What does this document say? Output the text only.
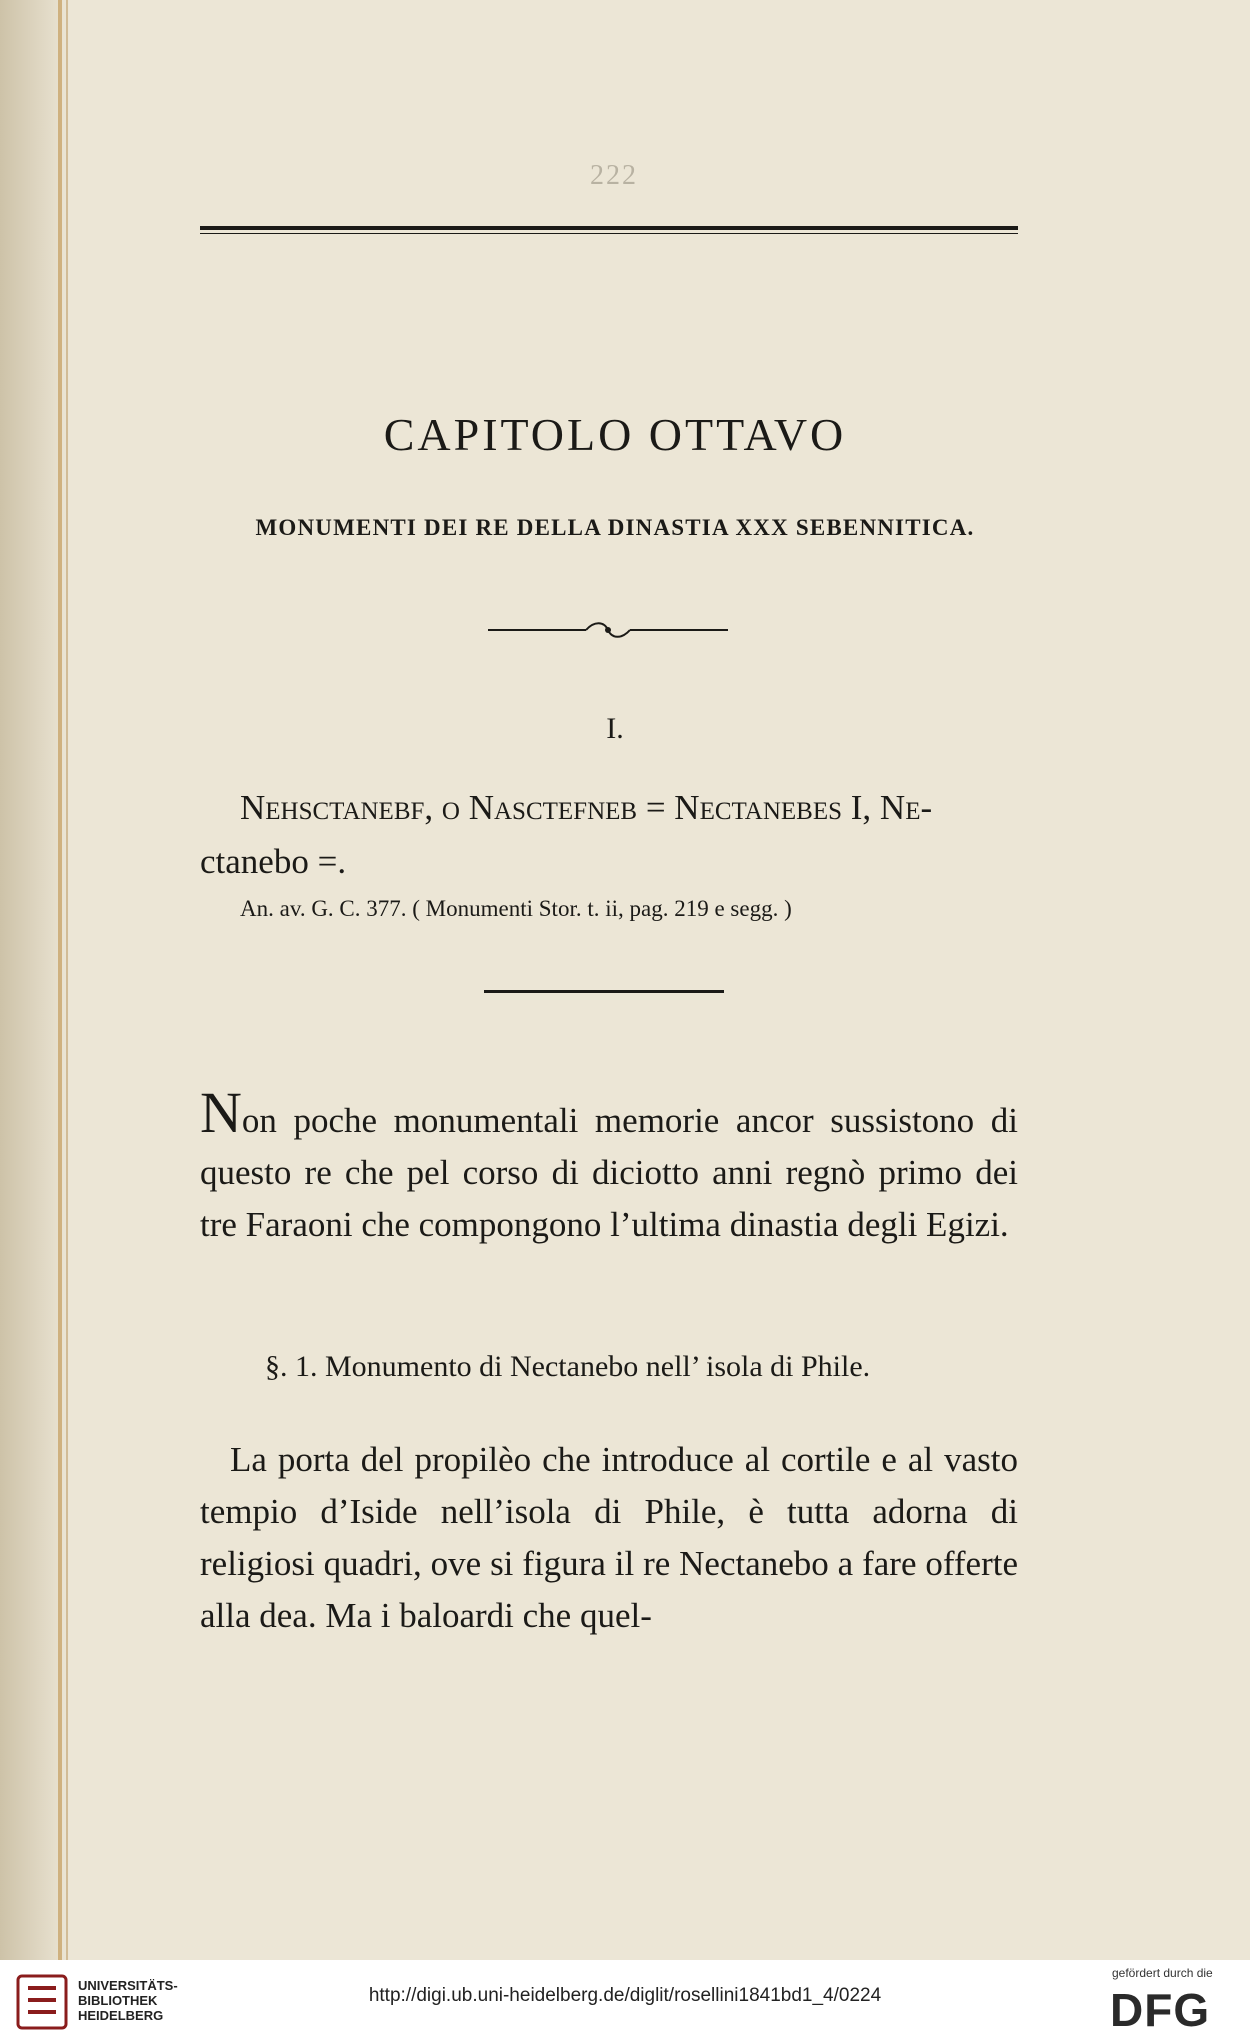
222
CAPITOLO OTTAVO
MONUMENTI DEI RE DELLA DINASTIA XXX SEBENNITICA.
I.
Nehsctanebf, o Nasctefneb = Nectanebes I, Ne-
ctanebo =.
An. av. G. C. 377. ( Monumenti Stor. t. ii, pag. 219 e segg. )

Non poche monumentali memorie ancor sussistono di questo re che pel corso di diciotto anni regnò primo dei tre Faraoni che compongono l’ultima dinastia degli Egizi.

§. 1. Monumento di Nectanebo nell’ isola di Phile.

La porta del propilèo che introduce al cortile e al vasto tempio d’Iside nell’isola di Phile, è tutta adorna di religiosi quadri, ove si figura il re Nectanebo a fare offerte alla dea. Ma i baloardi che quel-

UNIVERSITÄTS-
BIBLIOTHEK
HEIDELBERG
http://digi.ub.uni-heidelberg.de/diglit/rosellini1841bd1_4/0224
gefördert durch die
DFG
